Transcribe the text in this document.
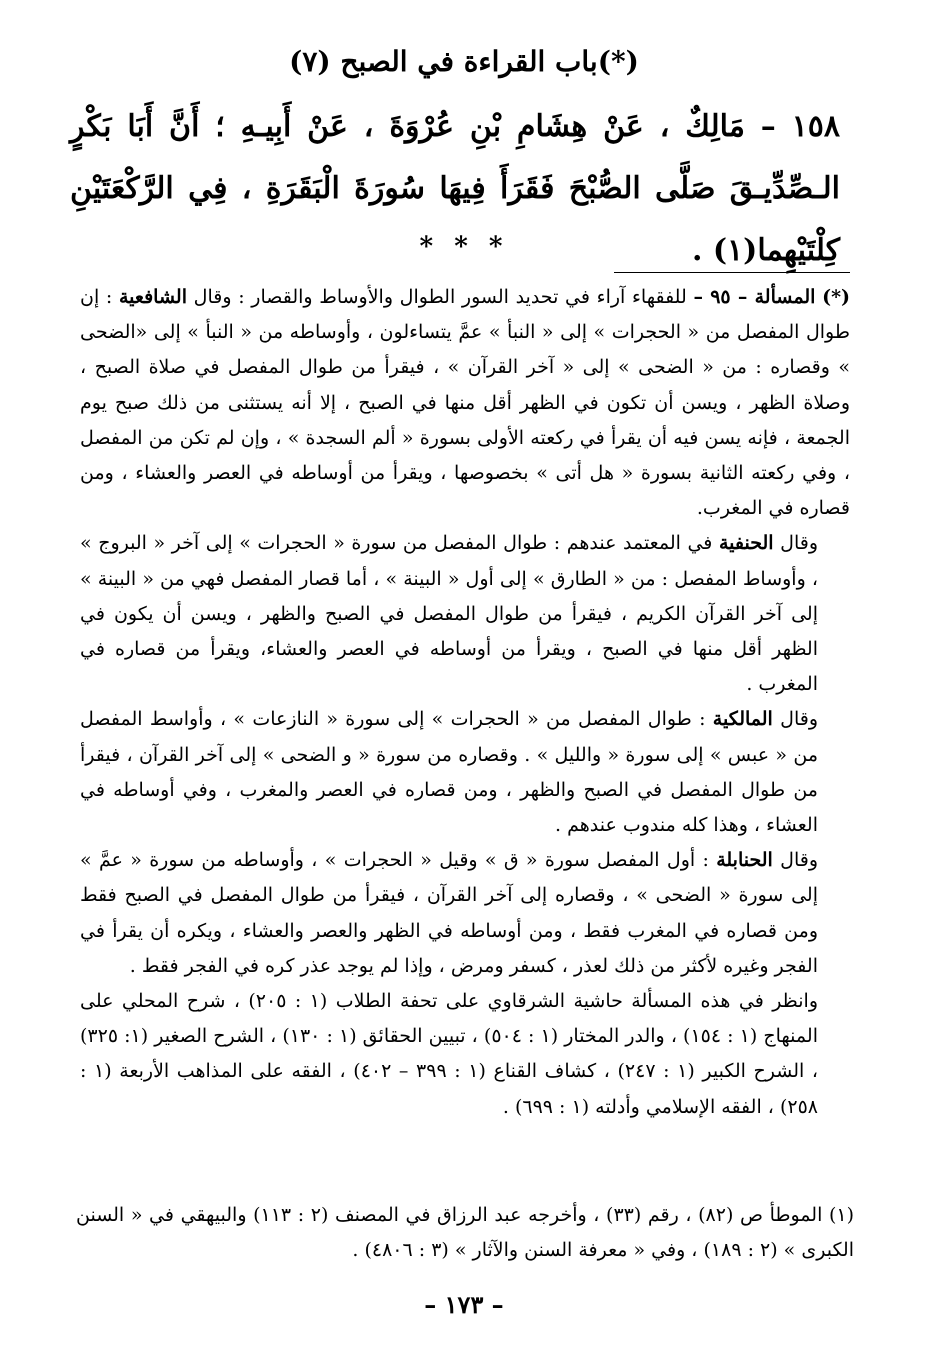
(٧) باب القراءة في الصبح(*)
١٥٨ – مَالِكٌ ، عَنْ هِشَامِ بْنِ عُرْوَةَ ، عَنْ أَبِيـهِ ؛ أَنَّ أَبَا بَكْرٍ الـصِّدِّيـقَ صَلَّى الصُّبْحَ فَقَرَأَ فِيهَا سُورَةَ الْبَقَرَةِ ، فِي الرَّكْعَتَيْنِ كِلْتَيْهِما(١) .
* * *

(*) المسألة – ٩٥ – للفقهاء آراء في تحديد السور الطوال والأوساط والقصار : وقال الشافعية : إن طوال المفصل من « الحجرات » إلى « النبأ » عمَّ يتساءلون ، وأوساطه من « النبأ » إلى «الضحى » وقصاره : من « الضحى » إلى « آخر القرآن » ، فيقرأ من طوال المفصل في صلاة الصبح ، وصلاة الظهر ، ويسن أن تكون في الظهر أقل منها في الصبح ، إلا أنه يستثنى من ذلك صبح يوم الجمعة ، فإنه يسن فيه أن يقرأ في ركعته الأولى بسورة « ألم السجدة » ، وإن لم تكن من المفصل ، وفي ركعته الثانية بسورة « هل أتى » بخصوصها ، ويقرأ من أوساطه في العصر والعشاء ، ومن قصاره في المغرب.

وقال الحنفية في المعتمد عندهم : طوال المفصل من سورة « الحجرات » إلى آخر « البروج » ، وأوساط المفصل : من « الطارق » إلى أول « البينة » ، أما قصار المفصل فهي من « البينة » إلى آخر القرآن الكريم ، فيقرأ من طوال المفصل في الصبح والظهر ، ويسن أن يكون في الظهر أقل منها في الصبح ، ويقرأ من أوساطه في العصر والعشاء، ويقرأ من قصاره في المغرب .

وقال المالكية : طوال المفصل من « الحجرات » إلى سورة « النازعات » ، وأواسط المفصل من « عبس » إلى سورة « والليل » . وقصاره من سورة « و الضحى » إلى آخر القرآن ، فيقرأ من طوال المفصل في الصبح والظهر ، ومن قصاره في العصر والمغرب ، وفي أوساطه في العشاء ، وهذا كله مندوب عندهم .

وقال الحنابلة : أول المفصل سورة « ق » وقيل « الحجرات » ، وأوساطه من سورة « عمَّ » إلى سورة « الضحى » ، وقصاره إلى آخر القرآن ، فيقرأ من طوال المفصل في الصبح فقط ومن قصاره في المغرب فقط ، ومن أوساطه في الظهر والعصر والعشاء ، ويكره أن يقرأ في الفجر وغيره لأكثر من ذلك لعذر ، كسفر ومرض ، وإذا لم يوجد عذر كره في الفجر فقط .

وانظر في هذه المسألة حاشية الشرقاوي على تحفة الطلاب (١ : ٢٠٥) ، شرح المحلي على المنهاج (١ : ١٥٤) ، والدر المختار (١ : ٥٠٤) ، تبيين الحقائق (١ : ١٣٠) ، الشرح الصغير (١: ٣٢٥) ، الشرح الكبير (١ : ٢٤٧) ، كشاف القناع (١ : ٣٩٩ – ٤٠٢) ، الفقه على المذاهب الأربعة (١ : ٢٥٨) ، الفقه الإسلامي وأدلته (١ : ٦٩٩) .

(١) الموطأ ص (٨٢) ، رقم (٣٣) ، وأخرجه عبد الرزاق في المصنف (٢ : ١١٣) والبيهقي في « السنن الكبرى » (٢ : ١٨٩) ، وفي « معرفة السنن والآثار » (٣ : ٤٨٠٦) .

– ١٧٣ –
